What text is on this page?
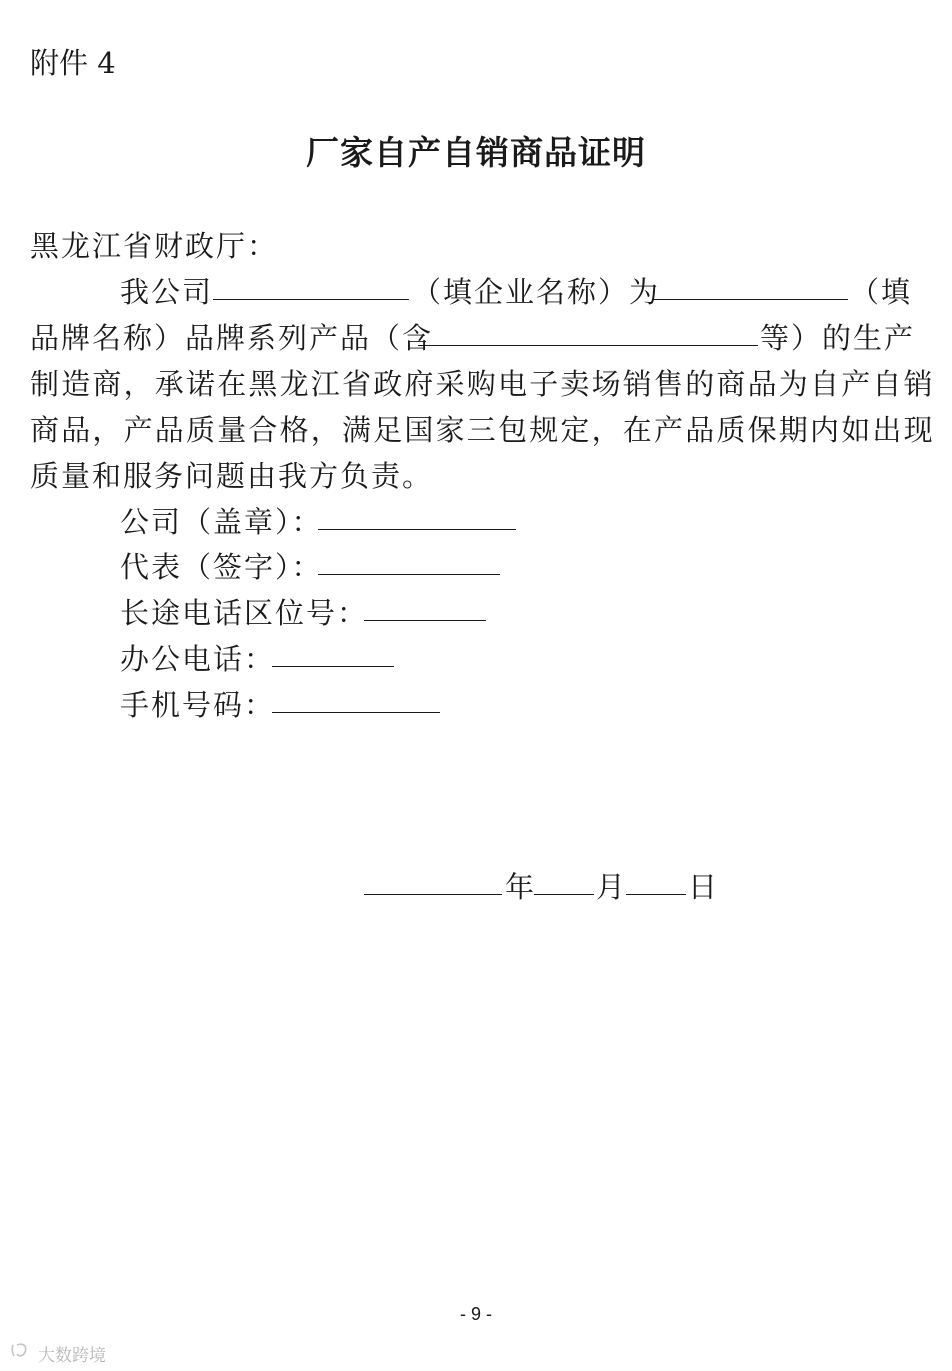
附件 4
厂家自产自销商品证明
黑龙江省财政厅：
我公司	（填企业名称）为	（填
品牌名称）品牌系列产品（含	等）的生产
制造商，承诺在黑龙江省政府采购电子卖场销售的商品为自产自销
商品，产品质量合格，满足国家三包规定，在产品质保期内如出现
质量和服务问题由我方负责。
公司（盖章）：
代表（签字）：
长途电话区位号：
办公电话：
手机号码：
年 月 日
- 9 -
大数跨境
